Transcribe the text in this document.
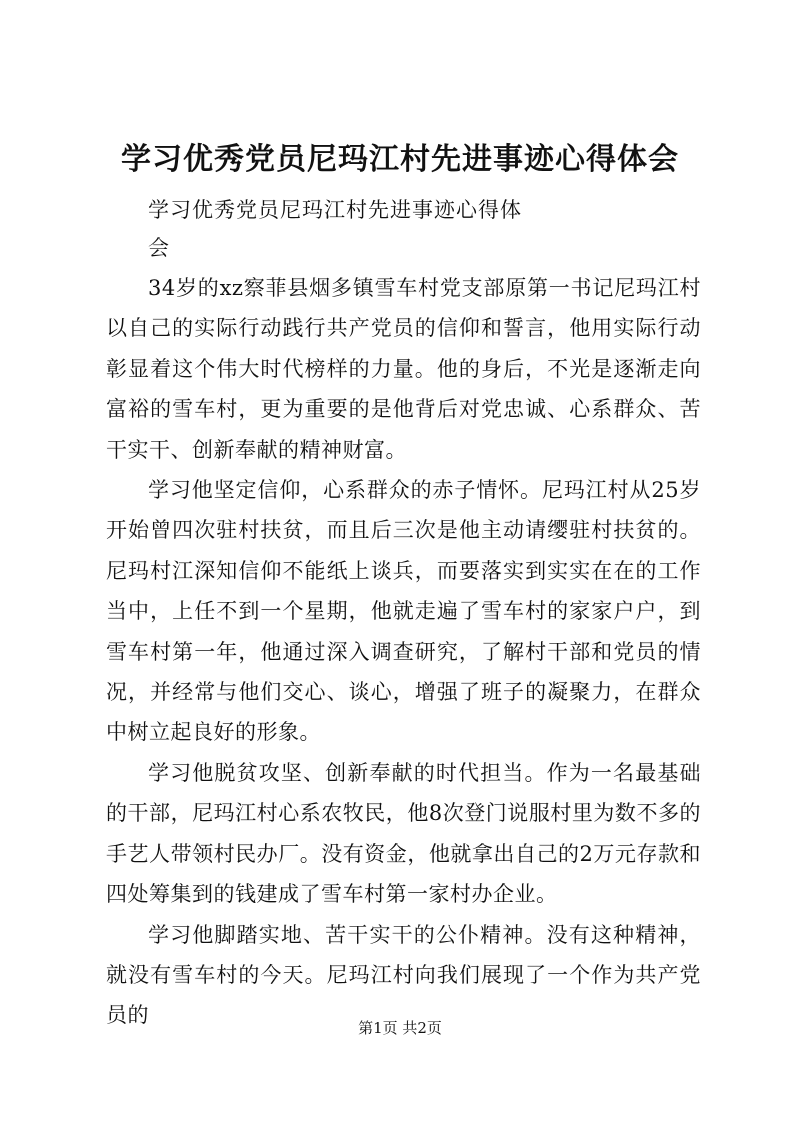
学习优秀党员尼玛江村先进事迹心得体会
学习优秀党员尼玛江村先进事迹心得体
会

34岁的xz察菲县烟多镇雪车村党支部原第一书记尼玛江村以自己的实际行动践行共产党员的信仰和誓言，他用实际行动彰显着这个伟大时代榜样的力量。他的身后，不光是逐渐走向富裕的雪车村，更为重要的是他背后对党忠诚、心系群众、苦干实干、创新奉献的精神财富。

学习他坚定信仰，心系群众的赤子情怀。尼玛江村从25岁开始曾四次驻村扶贫，而且后三次是他主动请缨驻村扶贫的。尼玛村江深知信仰不能纸上谈兵，而要落实到实实在在的工作当中，上任不到一个星期，他就走遍了雪车村的家家户户，到雪车村第一年，他通过深入调查研究，了解村干部和党员的情况，并经常与他们交心、谈心，增强了班子的凝聚力，在群众中树立起良好的形象。

学习他脱贫攻坚、创新奉献的时代担当。作为一名最基础的干部，尼玛江村心系农牧民，他8次登门说服村里为数不多的手艺人带领村民办厂。没有资金，他就拿出自己的2万元存款和四处筹集到的钱建成了雪车村第一家村办企业。

学习他脚踏实地、苦干实干的公仆精神。没有这种精神，就没有雪车村的今天。尼玛江村向我们展现了一个作为共产党员的

第1页 共2页
